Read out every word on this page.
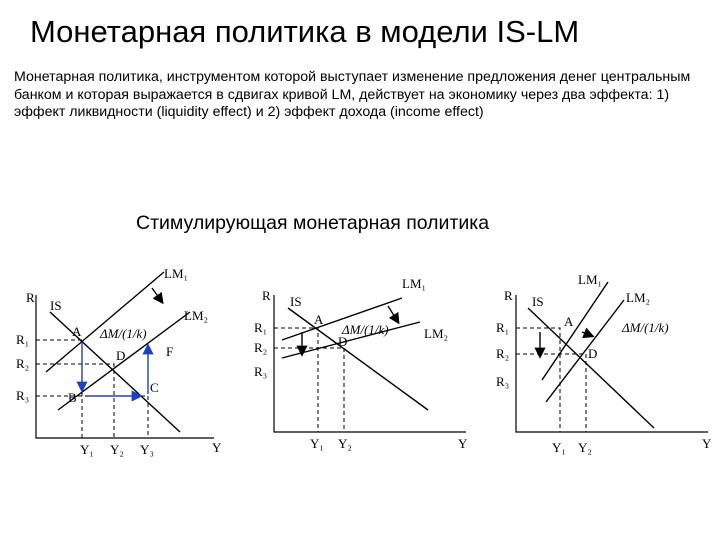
Монетарная политика в модели IS-LM
Монетарная политика, инструментом которой выступает изменение предложения денег центральным банком и которая выражается в сдвигах кривой LM, действует на экономику через два эффекта: 1) эффект ликвидности (liquidity effect) и 2) эффект дохода (income effect)
Стимулирующая монетарная политика
R
Y
IS
LM₁
LM₂
ΔM/(1/k)
R₁
R₂
R₃
A
D
B
C
F
Y₁ Y₂ Y₃
R
Y
IS
LM₁
LM₂
ΔM/(1/k)
R₁
R₂
R₃
A
D
Y₁ Y₂
R
Y
IS
LM₁
LM₂
ΔM/(1/k)
R₁
R₂
R₃
A
D
Y₁ Y₂
